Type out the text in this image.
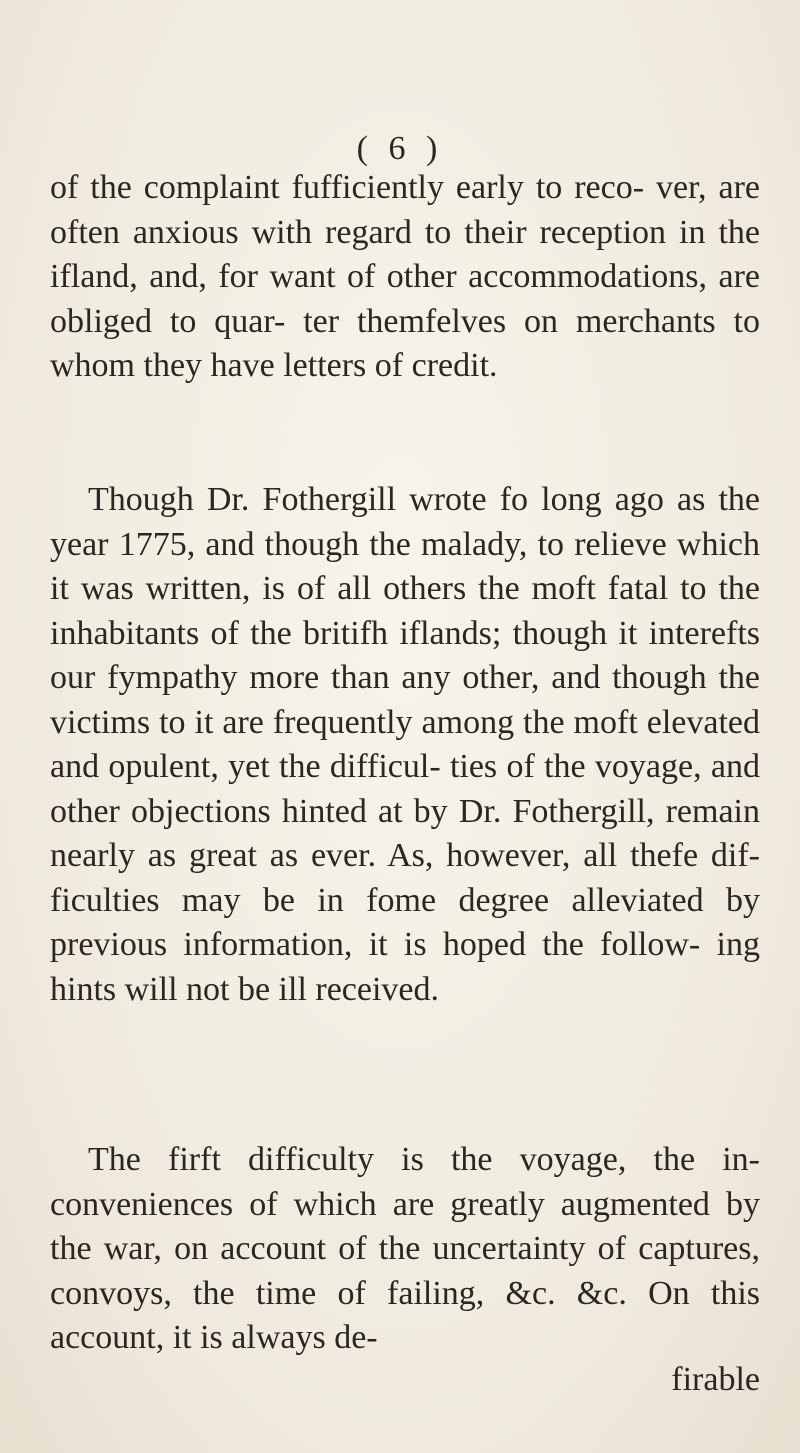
( 6 )

of the complaint fufficiently early to reco- ver, are often anxious with regard to their reception in the ifland, and, for want of other accommodations, are obliged to quar- ter themfelves on merchants to whom they have letters of credit.

Though Dr. Fothergill wrote fo long ago as the year 1775, and though the malady, to relieve which it was written, is of all others the moft fatal to the inhabitants of the britifh iflands; though it interefts our fympathy more than any other, and though the victims to it are frequently among the moft elevated and opulent, yet the difficul- ties of the voyage, and other objections hinted at by Dr. Fothergill, remain nearly as great as ever. As, however, all thefe dif- ficulties may be in fome degree alleviated by previous information, it is hoped the follow- ing hints will not be ill received.

The firft difficulty is the voyage, the in- conveniences of which are greatly augmented by the war, on account of the uncertainty of captures, convoys, the time of failing, &c. &c. On this account, it is always de-

firable
